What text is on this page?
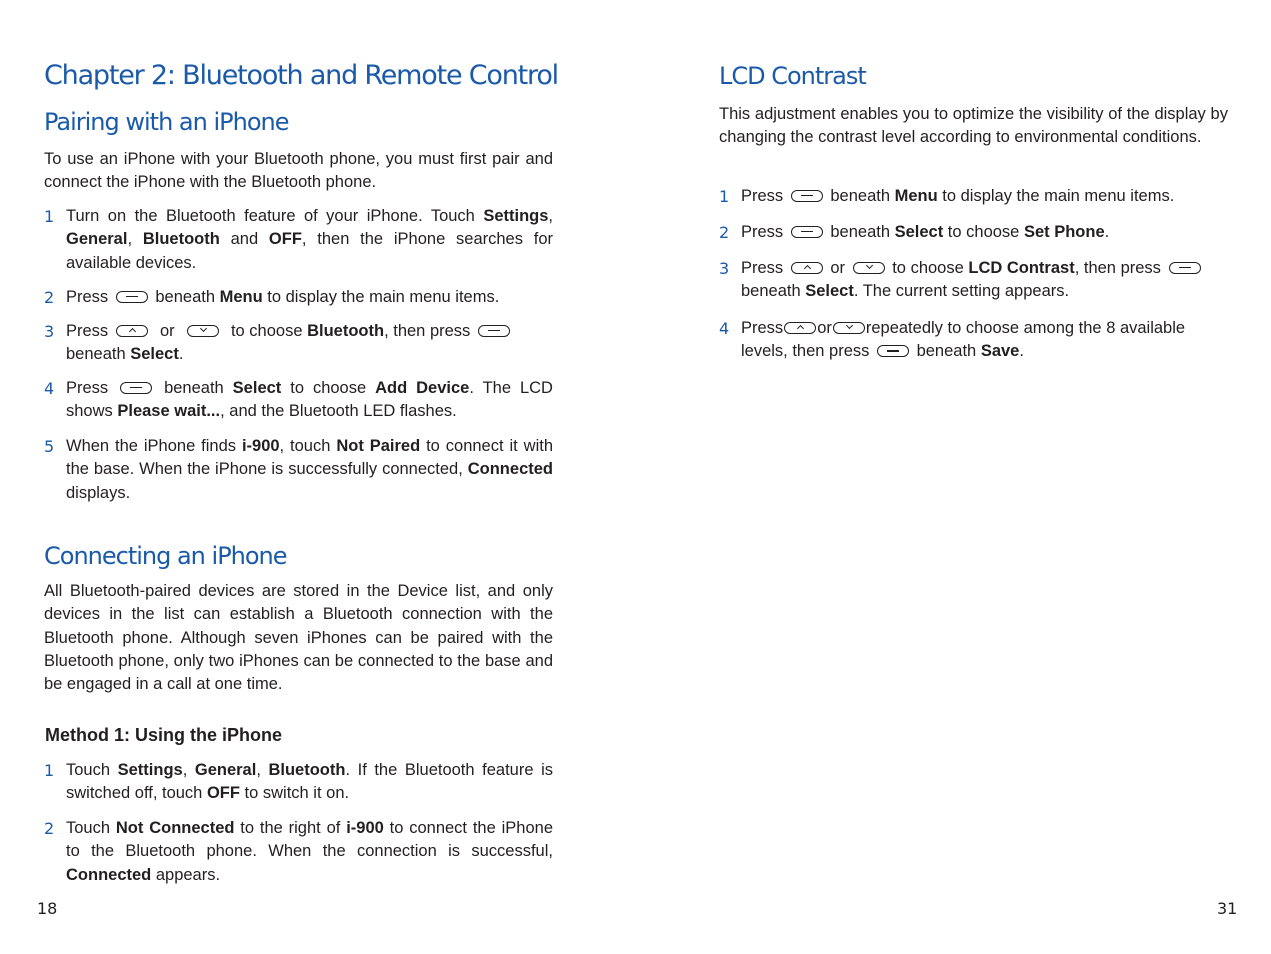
Chapter 2: Bluetooth and Remote Control
Pairing with an iPhone

To use an iPhone with your Bluetooth phone, you must first pair and connect the iPhone with the Bluetooth phone.

1 Turn on the Bluetooth feature of your iPhone. Touch Settings, General, Bluetooth and OFF, then the iPhone searches for available devices.
2 Press	beneath Menu to display the main menu items.
3 Press	or	to choose Bluetooth, then press
beneath Select.
4 Press	beneath Select to choose Add Device. The LCD shows Please wait..., and the Bluetooth LED flashes.
5 When the iPhone finds i-900, touch Not Paired to connect it with the base. When the iPhone is successfully connected, Connected displays.
Connecting an iPhone

All Bluetooth-paired devices are stored in the Device list, and only devices in the list can establish a Bluetooth connection with the Bluetooth phone. Although seven iPhones can be paired with the Bluetooth phone, only two iPhones can be connected to the base and be engaged in a call at one time.

Method 1: Using the iPhone
1 Touch Settings, General, Bluetooth. If the Bluetooth feature is switched off, touch OFF to switch it on.
2 Touch Not Connected to the right of i-900 to connect the iPhone to the Bluetooth phone. When the connection is successful, Connected appears.
18
LCD Contrast

This adjustment enables you to optimize the visibility of the display by changing the contrast level according to environmental conditions.

1 Press	beneath Menu to display the main menu items.
2 Press	beneath Select to choose Set Phone.
3 Press	or	to choose LCD Contrast, then press
beneath Select. The current setting appears.
4 Press or repeatedly to choose among the 8 available levels, then press	beneath Save.
31
